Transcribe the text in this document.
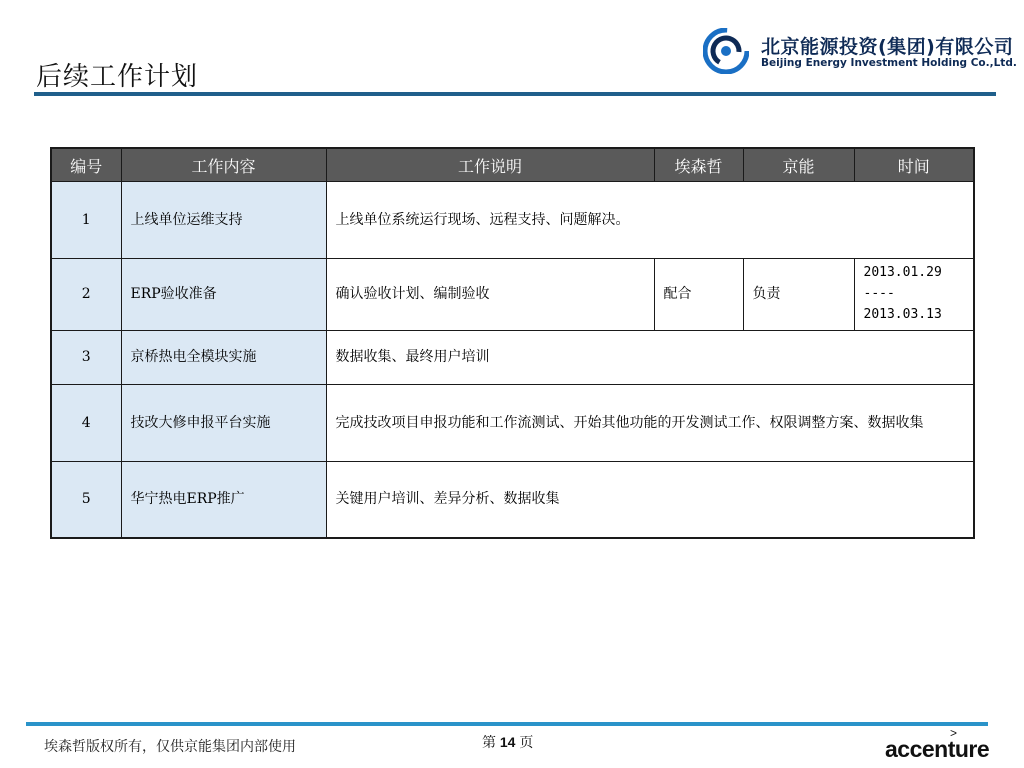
后续工作计划
北京能源投资(集团)有限公司
Beijing Energy Investment Holding Co.,Ltd.
编号	工作内容	工作说明	埃森哲	京能	时间
1	上线单位运维支持	上线单位系统运行现场、远程支持、问题解决。			
2	ERP验收准备	确认验收计划、编制验收	配合	负责	2013.01.29
----
2013.03.13

3	京桥热电全模块实施	数据收集、最终用户培训			
4	技改大修申报平台实施	完成技改项目申报功能和工作流测试、开始其他功能的开发测试工作、权限调整方案、数据收集			
5	华宁热电ERP推广	关键用户培训、差异分析、数据收集			
埃森哲版权所有，仅供京能集团内部使用	第 14 页
>
accenture
